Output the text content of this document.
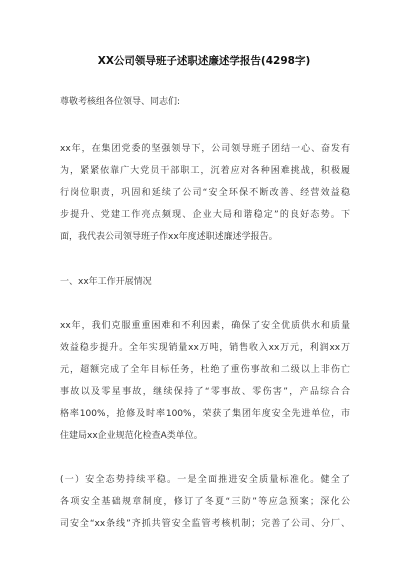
XX公司领导班子述职述廉述学报告(4298字)
尊敬考核组各位领导、同志们:
xx年，在集团党委的坚强领导下，公司领导班子团结一心、奋发有
为，紧紧依靠广大党员干部职工，沉着应对各种困难挑战，积极履
行岗位职责，巩固和延续了公司“安全环保不断改善、经营效益稳
步提升、党建工作亮点频现、企业大局和谐稳定”的良好态势。下
面，我代表公司领导班子作xx年度述职述廉述学报告。
一、xx年工作开展情况
xx年，我们克服重重困难和不利因素，确保了安全优质供水和质量
效益稳步提升。全年实现销量xx万吨，销售收入xx万元，利润xx万
元，超额完成了全年目标任务，杜绝了重伤事故和二级以上非伤亡
事故以及零星事故，继续保持了“零事故、零伤害”，产品综合合
格率100%，抢修及时率100%，荣获了集团年度安全先进单位，市
住建局xx企业规范化检查A类单位。
(一）安全态势持续平稳。一是全面推进安全质量标准化。健全了
各项安全基础规章制度，修订了冬夏“三防”等应急预案；深化公
司安全“xx条线”齐抓共管安全监管考核机制；完善了公司、分厂、
